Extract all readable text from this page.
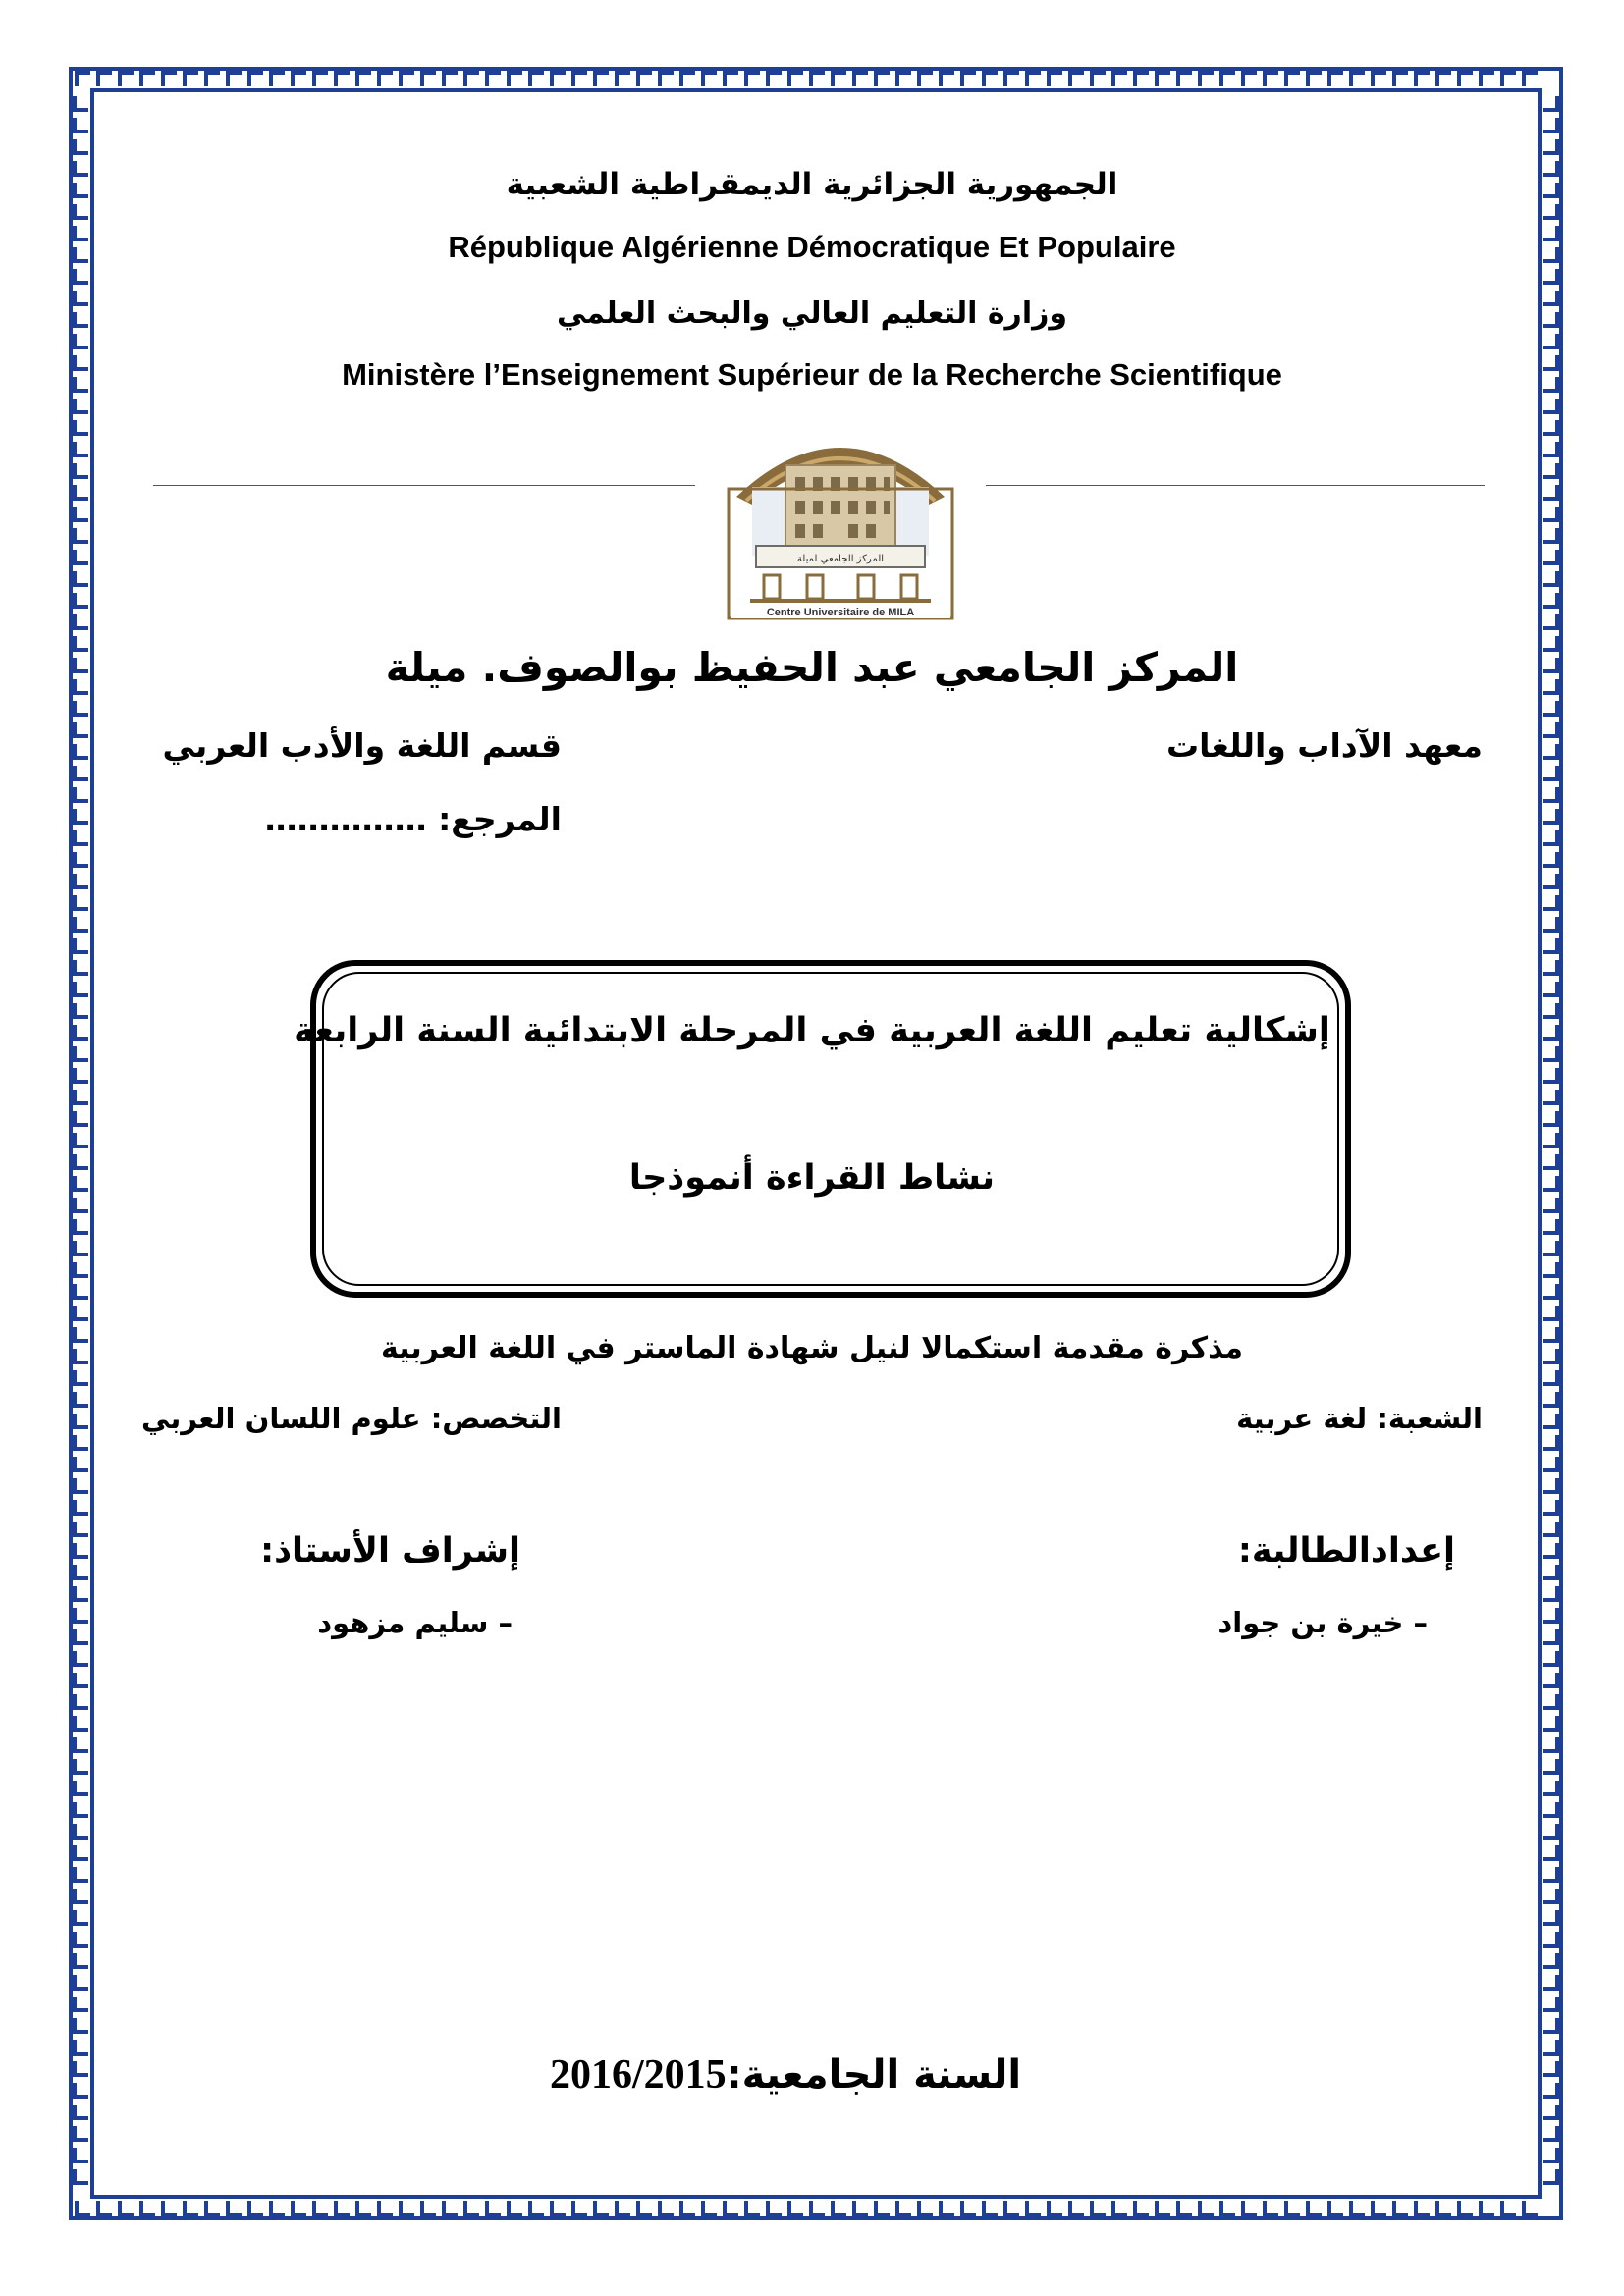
الجمهورية الجزائرية الديمقراطية الشعبية
République Algérienne Démocratique Et Populaire
وزارة التعليم العالي والبحث العلمي
Ministère l’Enseignement Supérieur de la Recherche Scientifique
المركز الجامعي لميلة
Centre Universitaire de MILA
المركز الجامعي عبد الحفيظ بوالصوف. ميلة
معهد الآداب واللغات
قسم اللغة والأدب العربي
المرجع: ……………
إشكالية تعليم اللغة العربية في المرحلة الابتدائية السنة الرابعة
نشاط القراءة أنموذجا
مذكرة مقدمة استكمالا لنيل شهادة الماستر في اللغة العربية
الشعبة: لغة عربية
التخصص: علوم اللسان العربي
إعدادالطالبة:
إشراف الأستاذ:
– خيرة بن جواد
– سليم مزهود
2016/2015السنة الجامعية:
